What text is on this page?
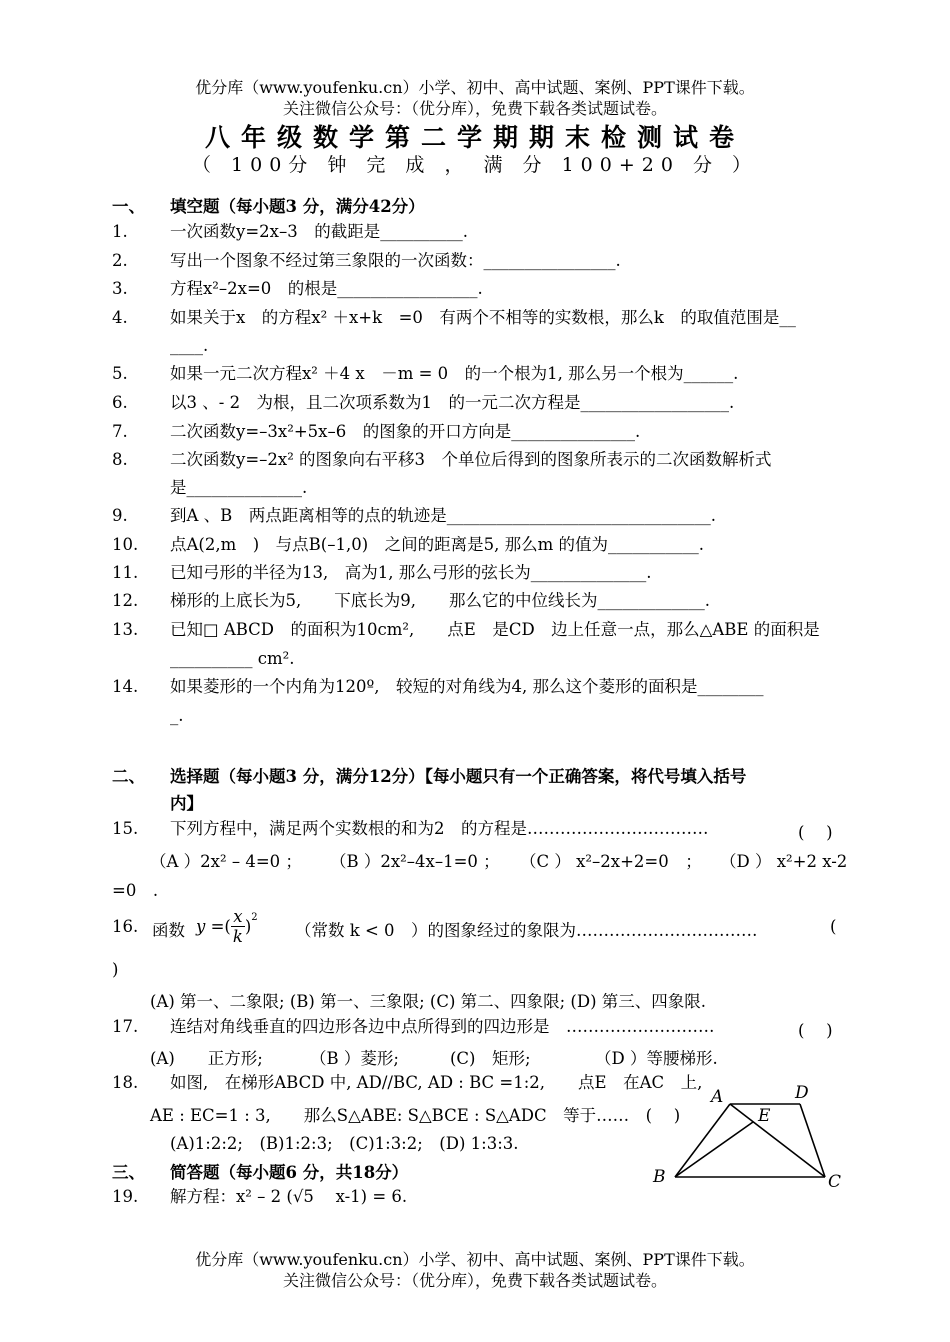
优分库（www.youfenku.cn）小学、初中、高中试题、案例、PPT课件下载。
关注微信公众号：（优分库），免费下载各类试题试卷。
八年级数学第二学期期末检测试卷
（ 100分 钟 完 成 ， 满 分 100+20 分 ）
一、 填空题（每小题3 分，满分42分）
1.	一次函数y=2x–3　的截距是__________.
2.	写出一个图象不经过第三象限的一次函数：________________.
3.	方程x²–2x=0　的根是_________________.
4.	如果关于x　的方程x² ＋x+k　=0　有两个不相等的实数根，那么k　的取值范围是__
____.
5.	如果一元二次方程x² ＋4 x　－m = 0　的一个根为1, 那么另一个根为______.
6.	以3 、- 2　为根，且二次项系数为1　的一元二次方程是__________________.
7.	二次函数y=–3x²+5x–6　的图象的开口方向是_______________.
8.	二次函数y=–2x² 的图象向右平移3　个单位后得到的图象所表示的二次函数解析式
是______________.
9.	到A 、B　两点距离相等的点的轨迹是________________________________.
10. 点A(2,m　)　与点B(–1,0)　之间的距离是5, 那么m 的值为___________.
11. 已知弓形的半径为13,　高为1, 那么弓形的弦长为______________.
12. 梯形的上底长为5,　　下底长为9,　　那么它的中位线长为_____________.
13. 已知□ ABCD　的面积为10cm²,　　点E　是CD　边上任意一点，那么△ABE 的面积是
__________ cm².
14. 如果菱形的一个内角为120º,　较短的对角线为4, 那么这个菱形的面积是________
_.
二、 选择题（每小题3 分，满分12分）【每小题只有一个正确答案，将代号填入括号
内】
15. 下列方程中，满足两个实数根的和为2　的方程是……………………………	(　 )
（A ）2x² – 4=0 ； （B ）2x²–4x–1=0 ； （C ） x²–2x+2=0　； （D ） x²+2 x-2
=0　.
16. 函数 y =( $\frac{x}{k} )^2$
（常数 k < 0　）的图象经过的象限为……………………………	(
)
(A) 第一、二象限; (B) 第一、三象限; (C) 第二、四象限; (D) 第三、四象限.
17. 连结对角线垂直的四边形各边中点所得到的四边形是　………………………	(　 )
(A)　　正方形;	（B ）菱形;	(C)　矩形;	（D ）等腰梯形.
18. 如图,　在梯形ABCD 中, AD//BC, AD : BC =1:2,　　点E　在AC　上,
AE : EC=1 : 3,　　那么S△ABE: S△BCE : S△ADC　等于……　(　 )
(A)1:2:2;　(B)1:2:3;　(C)1:3:2;　(D) 1:3:3.
A	D
E
B	C
三、 简答题（每小题6 分，共18分）
19. 解方程：x² – 2 (√5　 x-1) = 6.
优分库（www.youfenku.cn）小学、初中、高中试题、案例、PPT课件下载。
关注微信公众号：（优分库），免费下载各类试题试卷。
